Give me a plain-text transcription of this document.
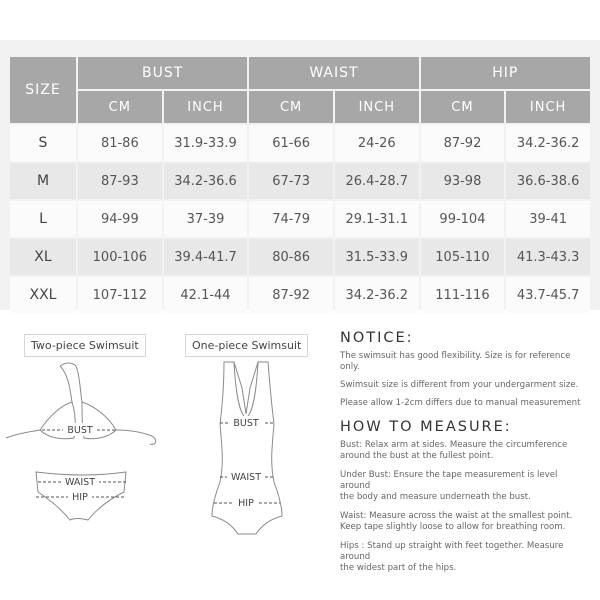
SIZE	BUST		WAIST		HIP	
	CM	INCH	CM	INCH	CM	INCH
S	81-86	31.9-33.9	61-66	24-26	87-92	34.2-36.2
M	87-93	34.2-36.6	67-73	26.4-28.7	93-98	36.6-38.6
L	94-99	37-39	74-79	29.1-31.1	99-104	39-41
XL	100-106	39.4-41.7	80-86	31.5-33.9	105-110	41.3-43.3
XXL	107-112	42.1-44	87-92	34.2-36.2	111-116	43.7-45.7
Two-piece Swimsuit	One-piece Swimsuit
BUST
WAIST
HIP
BUST
WAIST
HIP
NOTICE:

The swimsuit has good flexibility. Size is for reference only.

Swimsuit size is different from your undergarment size.

Please allow 1-2cm differs due to manual measurement

HOW TO MEASURE:

Bust: Relax arm at sides. Measure the circumference

around the bust at the fullest point.

Under Bust: Ensure the tape measurement is level around

the body and measure underneath the bust.

Waist: Measure across the waist at the smallest point.

Keep tape slightly loose to allow for breathing room.

Hips : Stand up straight with feet together. Measure around

the widest part of the hips.
